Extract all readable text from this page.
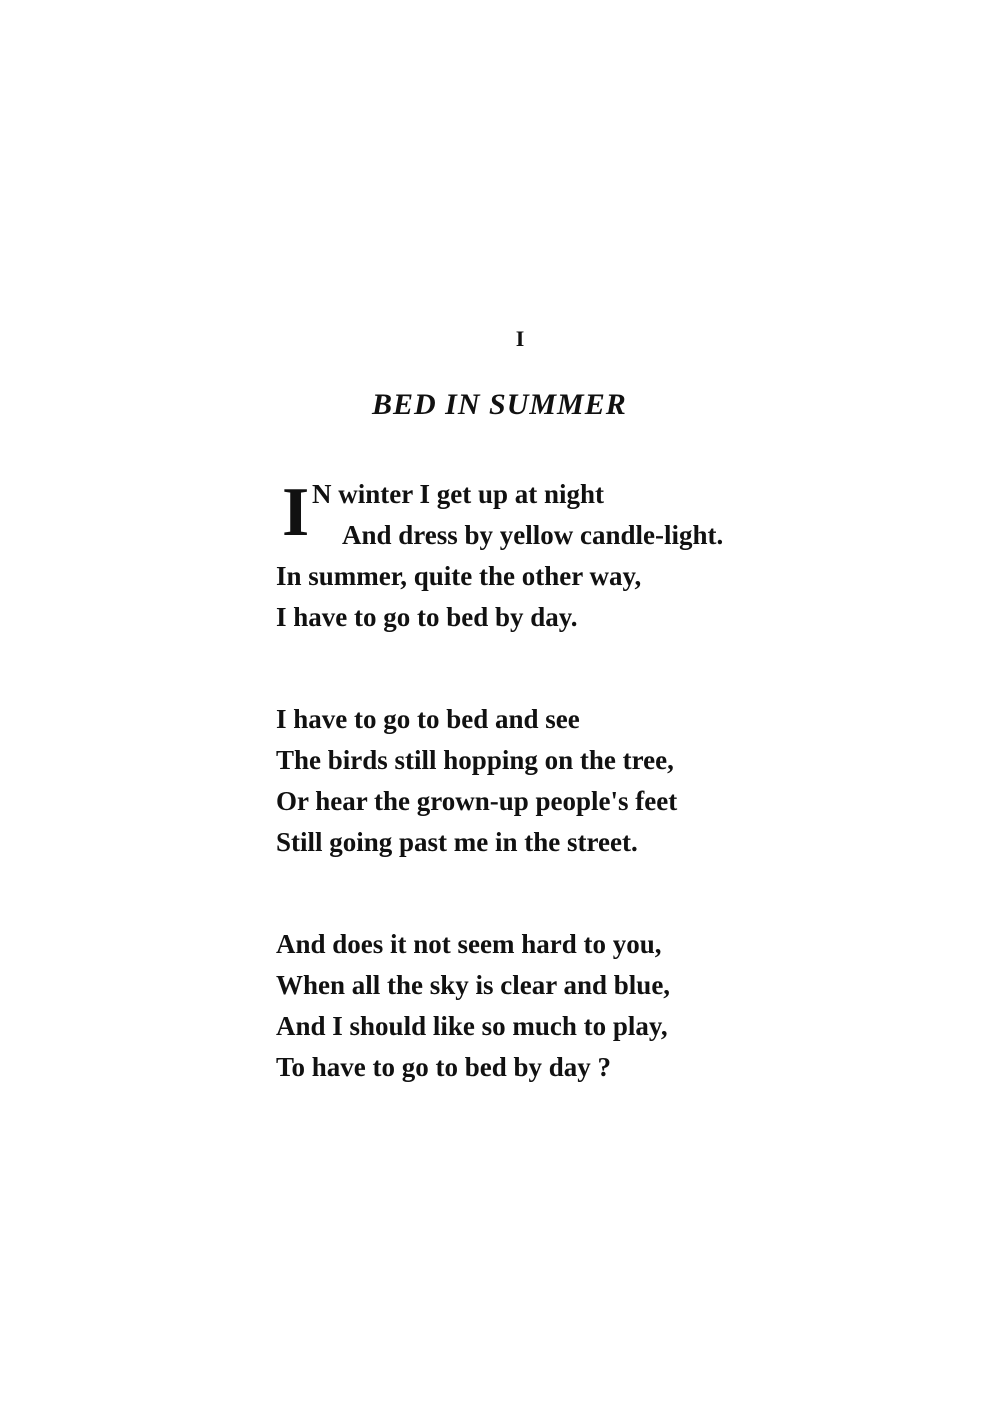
I
BED IN SUMMER
I N winter I get up at night
And dress by yellow candle-light.
In summer, quite the other way,
I have to go to bed by day.
I have to go to bed and see
The birds still hopping on the tree,
Or hear the grown-up people's feet
Still going past me in the street.
And does it not seem hard to you,
When all the sky is clear and blue,
And I should like so much to play,
To have to go to bed by day ?
